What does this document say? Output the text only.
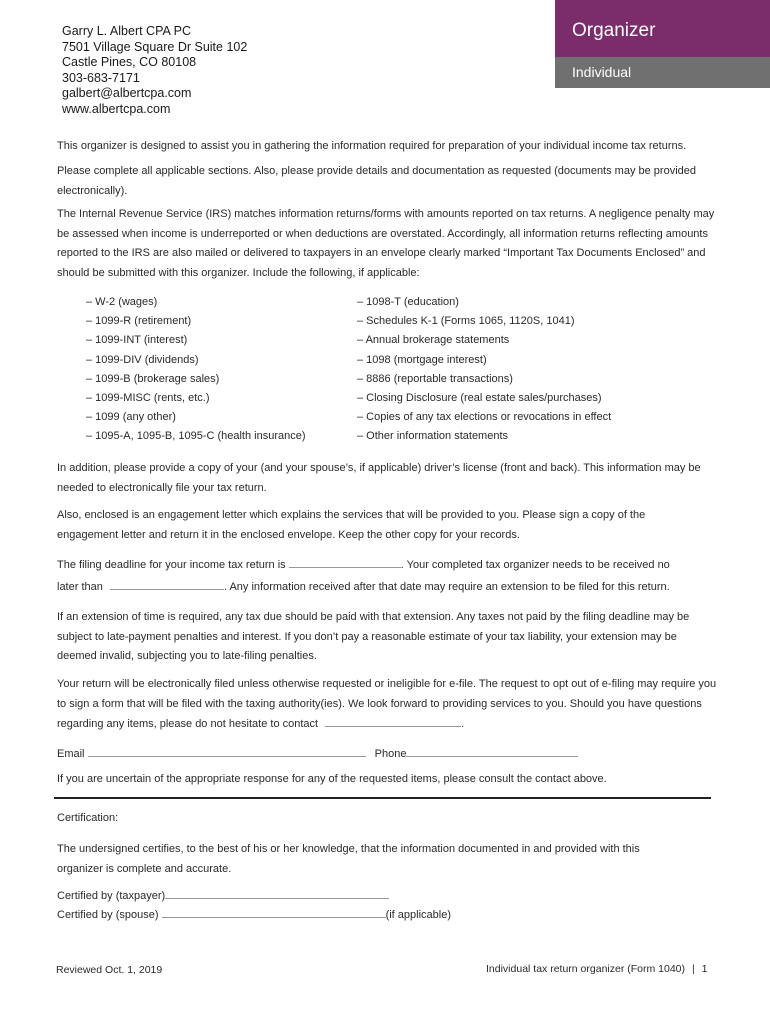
Garry L. Albert CPA PC
7501 Village Square Dr Suite 102
Castle Pines, CO 80108
303-683-7171
galbert@albertcpa.com
www.albertcpa.com
Organizer
Individual
This organizer is designed to assist you in gathering the information required for preparation of your individual income tax returns.
Please complete all applicable sections. Also, please provide details and documentation as requested (documents may be provided electronically).
The Internal Revenue Service (IRS) matches information returns/forms with amounts reported on tax returns. A negligence penalty may be assessed when income is underreported or when deductions are overstated. Accordingly, all information returns reflecting amounts reported to the IRS are also mailed or delivered to taxpayers in an envelope clearly marked “Important Tax Documents Enclosed” and should be submitted with this organizer. Include the following, if applicable:
– W-2 (wages)
– 1099-R (retirement)
– 1099-INT (interest)
– 1099-DIV (dividends)
– 1099-B (brokerage sales)
– 1099-MISC (rents, etc.)
– 1099 (any other)
– 1095-A, 1095-B, 1095-C (health insurance)
– 1098-T (education)
– Schedules K-1 (Forms 1065, 1120S, 1041)
– Annual brokerage statements
– 1098 (mortgage interest)
– 8886 (reportable transactions)
– Closing Disclosure (real estate sales/purchases)
– Copies of any tax elections or revocations in effect
– Other information statements
In addition, please provide a copy of your (and your spouse’s, if applicable) driver’s license (front and back). This information may be needed to electronically file your tax return.
Also, enclosed is an engagement letter which explains the services that will be provided to you. Please sign a copy of the engagement letter and return it in the enclosed envelope. Keep the other copy for your records.
The filing deadline for your income tax return is	. Your completed tax organizer needs to be received no
later than	. Any information received after that date may require an extension to be filed for this return.
If an extension of time is required, any tax due should be paid with that extension. Any taxes not paid by the filing deadline may be subject to late-payment penalties and interest. If you don’t pay a reasonable estimate of your tax liability, your extension may be deemed invalid, subjecting you to late-filing penalties.
Your return will be electronically filed unless otherwise requested or ineligible for e-file. The request to opt out of e-filing may require you to sign a form that will be filed with the taxing authority(ies). We look forward to providing services to you. Should you have questions regarding any items, please do not hesitate to contact	.
Email	Phone
If you are uncertain of the appropriate response for any of the requested items, please consult the contact above.
Certification:
The undersigned certifies, to the best of his or her knowledge, that the information documented in and provided with this organizer is complete and accurate.
Certified by (taxpayer)
Certified by (spouse)	(if applicable)
Reviewed Oct. 1, 2019	Individual tax return organizer (Form 1040) | 1
